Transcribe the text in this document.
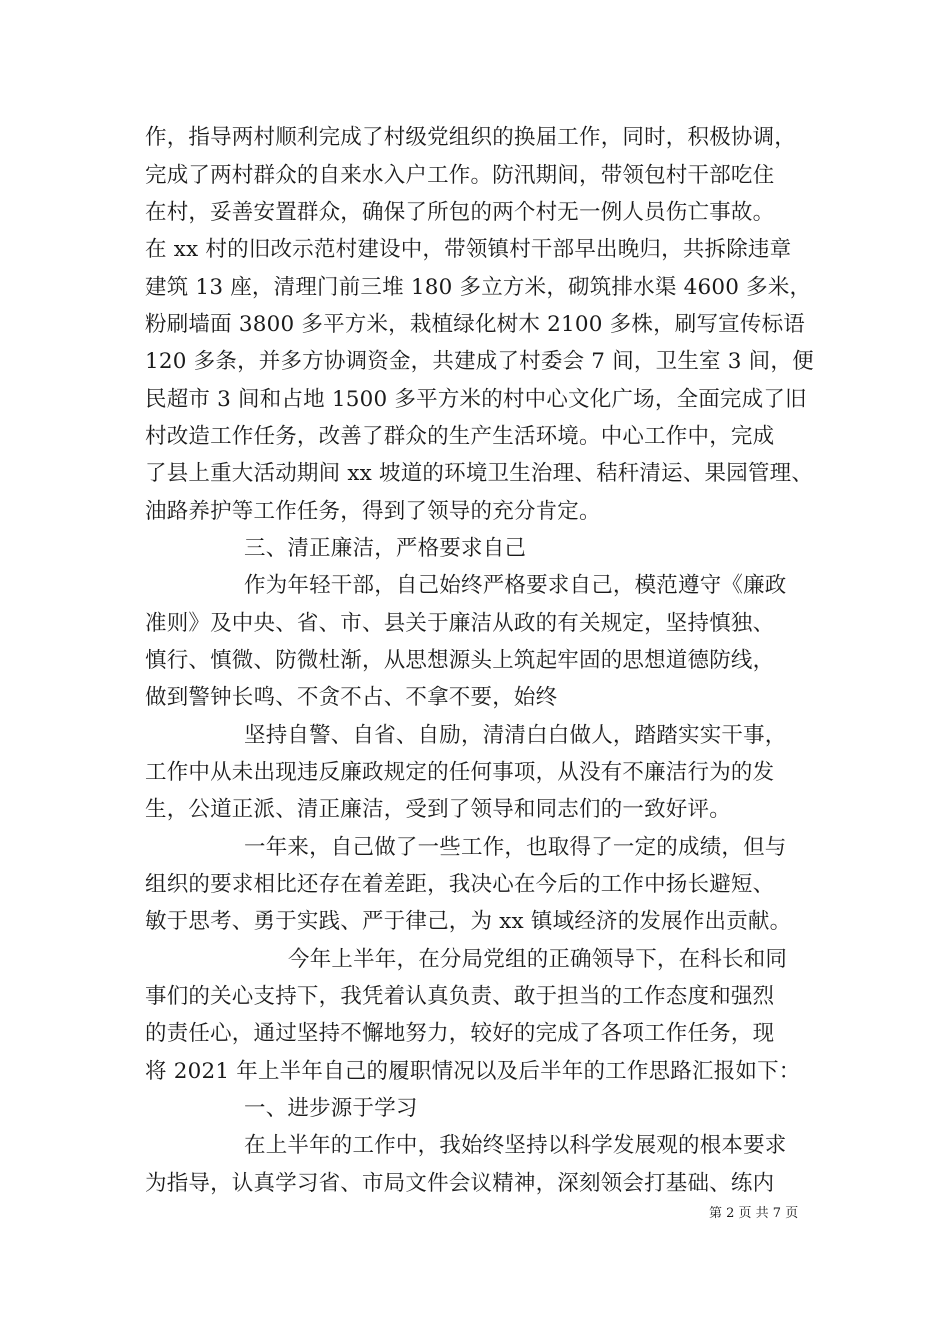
作，指导两村顺利完成了村级党组织的换届工作，同时，积极协调，
完成了两村群众的自来水入户工作。防汛期间，带领包村干部吃住
在村，妥善安置群众，确保了所包的两个村无一例人员伤亡事故。
在 xx 村的旧改示范村建设中，带领镇村干部早出晚归，共拆除违章
建筑 13 座，清理门前三堆 180 多立方米，砌筑排水渠 4600 多米，
粉刷墙面 3800 多平方米，栽植绿化树木 2100 多株，刷写宣传标语
120 多条，并多方协调资金，共建成了村委会 7 间，卫生室 3 间，便
民超市 3 间和占地 1500 多平方米的村中心文化广场，全面完成了旧
村改造工作任务，改善了群众的生产生活环境。中心工作中，完成
了县上重大活动期间 xx 坡道的环境卫生治理、秸秆清运、果园管理、
油路养护等工作任务，得到了领导的充分肯定。
三、清正廉洁，严格要求自己
作为年轻干部，自己始终严格要求自己，模范遵守《廉政
准则》及中央、省、市、县关于廉洁从政的有关规定，坚持慎独、
慎行、慎微、防微杜渐，从思想源头上筑起牢固的思想道德防线，
做到警钟长鸣、不贪不占、不拿不要，始终
坚持自警、自省、自励，清清白白做人，踏踏实实干事，
工作中从未出现违反廉政规定的任何事项，从没有不廉洁行为的发
生，公道正派、清正廉洁，受到了领导和同志们的一致好评。
一年来，自己做了一些工作，也取得了一定的成绩，但与
组织的要求相比还存在着差距，我决心在今后的工作中扬长避短、
敏于思考、勇于实践、严于律己，为 xx 镇域经济的发展作出贡献。
今年上半年，在分局党组的正确领导下，在科长和同
事们的关心支持下，我凭着认真负责、敢于担当的工作态度和强烈
的责任心，通过坚持不懈地努力，较好的完成了各项工作任务，现
将 2021 年上半年自己的履职情况以及后半年的工作思路汇报如下：
一、进步源于学习
在上半年的工作中，我始终坚持以科学发展观的根本要求
为指导，认真学习省、市局文件会议精神，深刻领会打基础、练内
第 2 页 共 7 页
